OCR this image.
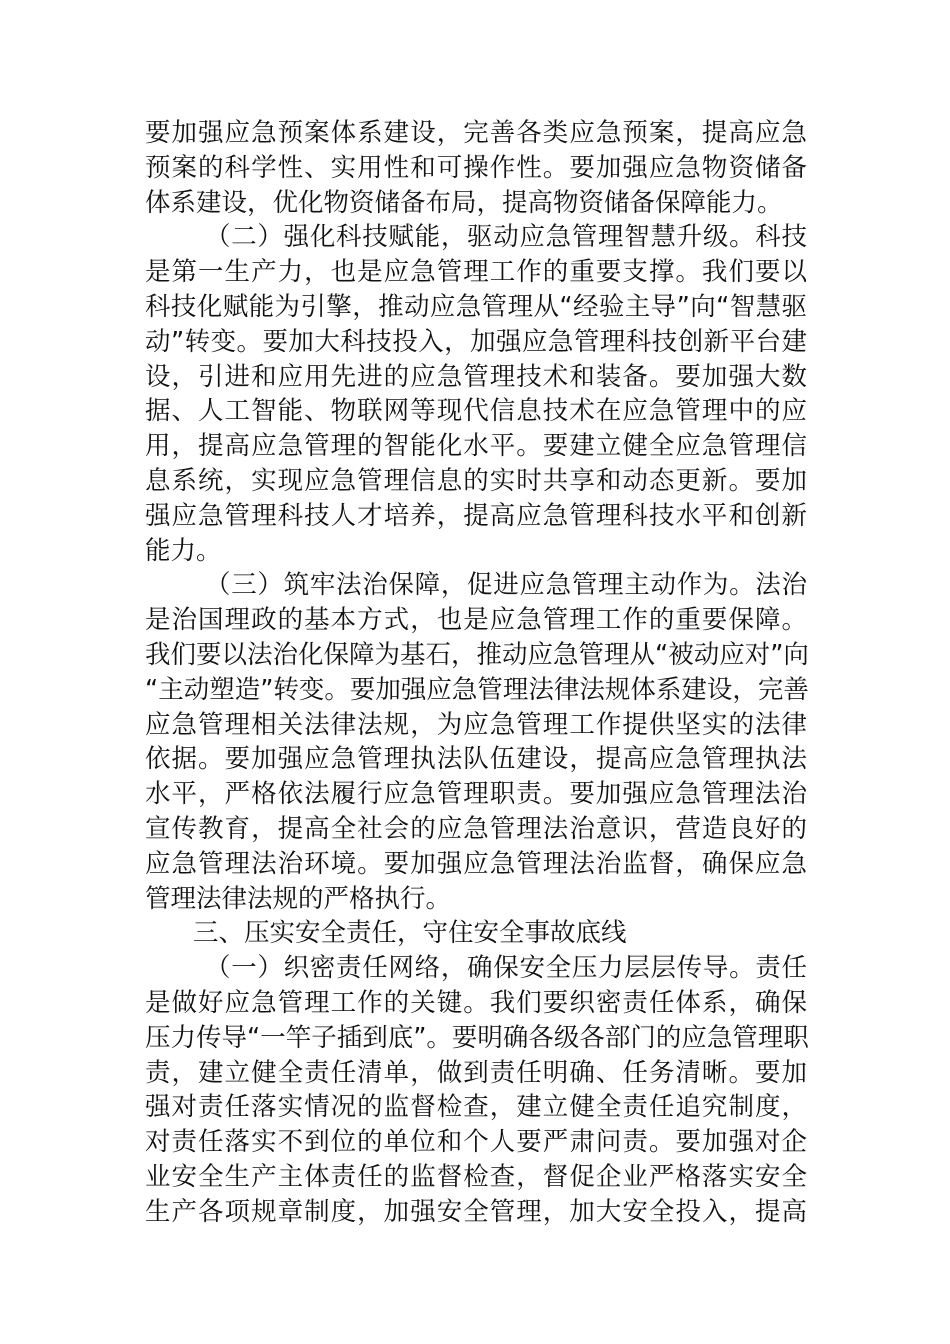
要加强应急预案体系建设，完善各类应急预案，提高应急
预案的科学性、实用性和可操作性。要加强应急物资储备
体系建设，优化物资储备布局，提高物资储备保障能力。
（二）强化科技赋能，驱动应急管理智慧升级。科技
是第一生产力，也是应急管理工作的重要支撑。我们要以
科技化赋能为引擎，推动应急管理从“经验主导”向“智慧驱
动”转变。要加大科技投入，加强应急管理科技创新平台建
设，引进和应用先进的应急管理技术和装备。要加强大数
据、人工智能、物联网等现代信息技术在应急管理中的应
用，提高应急管理的智能化水平。要建立健全应急管理信
息系统，实现应急管理信息的实时共享和动态更新。要加
强应急管理科技人才培养，提高应急管理科技水平和创新
能力。
（三）筑牢法治保障，促进应急管理主动作为。法治
是治国理政的基本方式，也是应急管理工作的重要保障。
我们要以法治化保障为基石，推动应急管理从“被动应对”向
“主动塑造”转变。要加强应急管理法律法规体系建设，完善
应急管理相关法律法规，为应急管理工作提供坚实的法律
依据。要加强应急管理执法队伍建设，提高应急管理执法
水平，严格依法履行应急管理职责。要加强应急管理法治
宣传教育，提高全社会的应急管理法治意识，营造良好的
应急管理法治环境。要加强应急管理法治监督，确保应急
管理法律法规的严格执行。
三、压实安全责任，守住安全事故底线
（一）织密责任网络，确保安全压力层层传导。责任
是做好应急管理工作的关键。我们要织密责任体系，确保
压力传导“一竿子插到底”。要明确各级各部门的应急管理职
责，建立健全责任清单，做到责任明确、任务清晰。要加
强对责任落实情况的监督检查，建立健全责任追究制度，
对责任落实不到位的单位和个人要严肃问责。要加强对企
业安全生产主体责任的监督检查，督促企业严格落实安全
生产各项规章制度，加强安全管理，加大安全投入，提高
